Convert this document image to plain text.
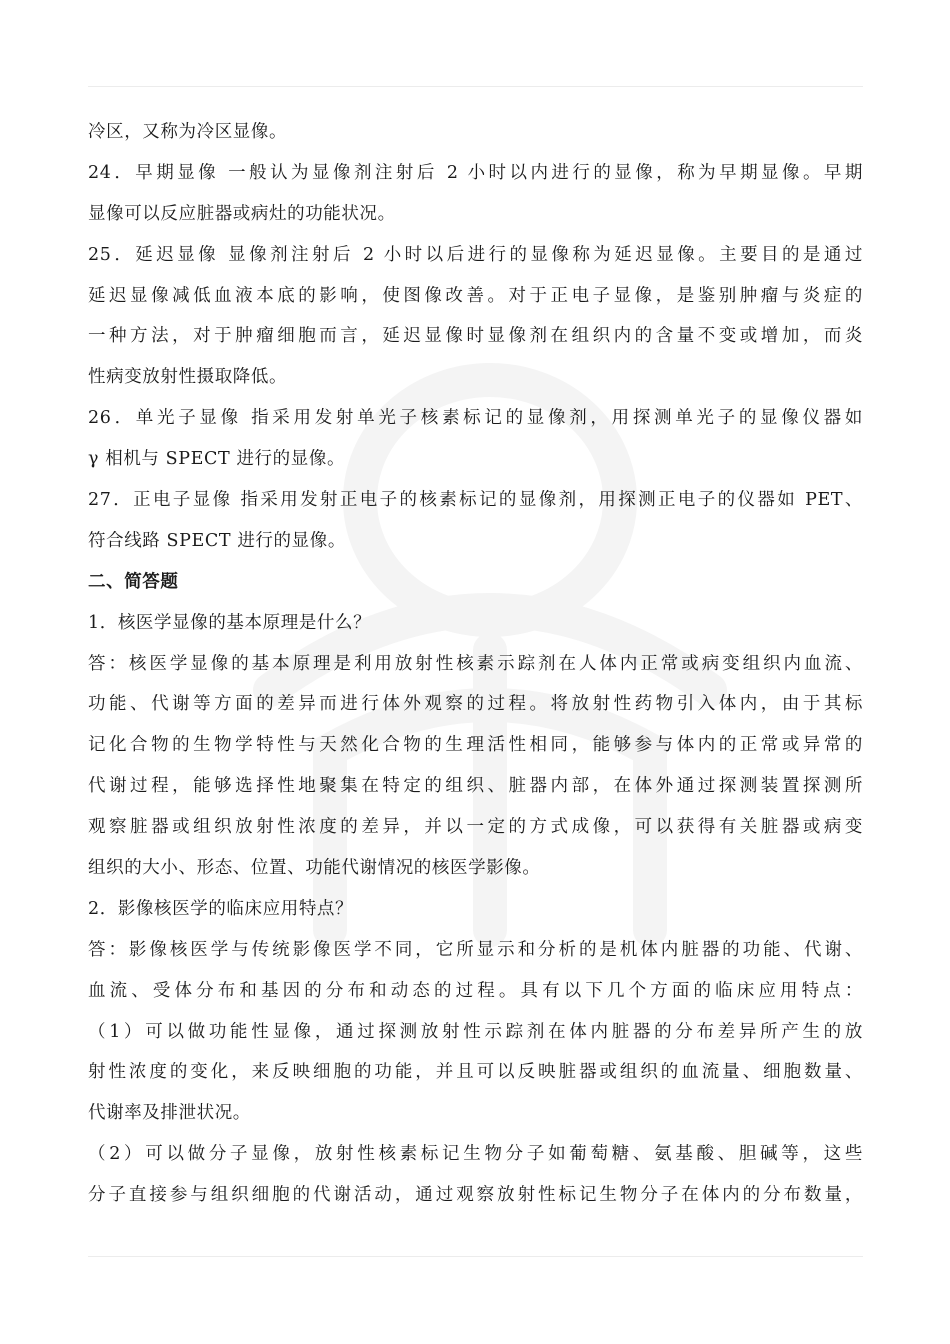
冷区，又称为冷区显像。
24．早期显像 一般认为显像剂注射后 2 小时以内进行的显像，称为早期显像。早期
显像可以反应脏器或病灶的功能状况。
25．延迟显像 显像剂注射后 2 小时以后进行的显像称为延迟显像。主要目的是通过
延迟显像减低血液本底的影响，使图像改善。对于正电子显像，是鉴别肿瘤与炎症的
一种方法，对于肿瘤细胞而言，延迟显像时显像剂在组织内的含量不变或增加，而炎
性病变放射性摄取降低。
26．单光子显像 指采用发射单光子核素标记的显像剂，用探测单光子的显像仪器如
γ 相机与 SPECT 进行的显像。
27．正电子显像 指采用发射正电子的核素标记的显像剂，用探测正电子的仪器如 PET、
符合线路 SPECT 进行的显像。
二、简答题
1．核医学显像的基本原理是什么？
答：核医学显像的基本原理是利用放射性核素示踪剂在人体内正常或病变组织内血流、
功能、代谢等方面的差异而进行体外观察的过程。将放射性药物引入体内，由于其标
记化合物的生物学特性与天然化合物的生理活性相同，能够参与体内的正常或异常的
代谢过程，能够选择性地聚集在特定的组织、脏器内部，在体外通过探测装置探测所
观察脏器或组织放射性浓度的差异，并以一定的方式成像，可以获得有关脏器或病变
组织的大小、形态、位置、功能代谢情况的核医学影像。
2．影像核医学的临床应用特点？
答：影像核医学与传统影像医学不同，它所显示和分析的是机体内脏器的功能、代谢、
血流、受体分布和基因的分布和动态的过程。具有以下几个方面的临床应用特点：
（1）可以做功能性显像，通过探测放射性示踪剂在体内脏器的分布差异所产生的放
射性浓度的变化，来反映细胞的功能，并且可以反映脏器或组织的血流量、细胞数量、
代谢率及排泄状况。
（2）可以做分子显像，放射性核素标记生物分子如葡萄糖、氨基酸、胆碱等，这些
分子直接参与组织细胞的代谢活动，通过观察放射性标记生物分子在体内的分布数量，
